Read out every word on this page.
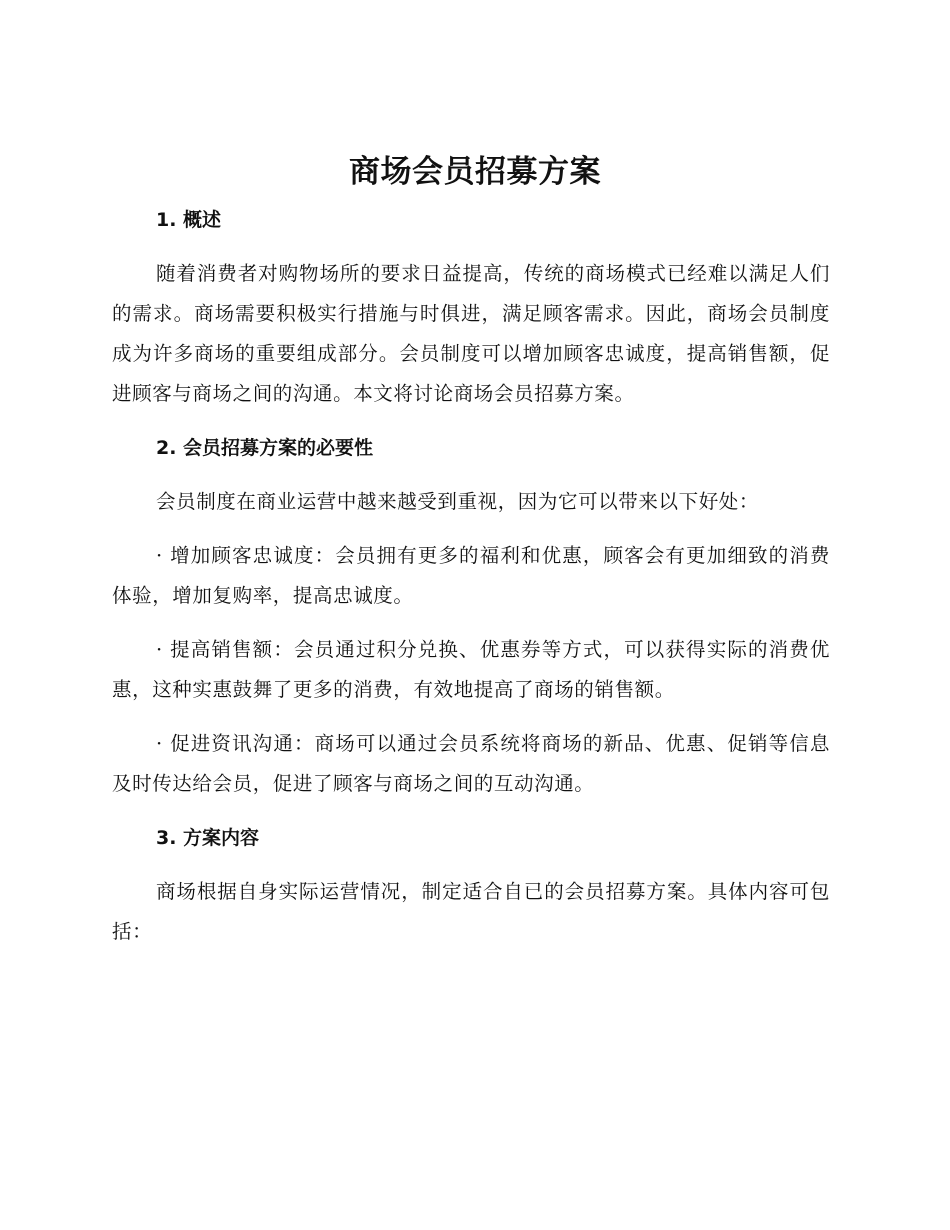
商场会员招募方案
1. 概述

随着消费者对购物场所的要求日益提高，传统的商场模式已经难以满足人们的需求。商场需要积极实行措施与时俱进，满足顾客需求。因此，商场会员制度成为许多商场的重要组成部分。会员制度可以增加顾客忠诚度，提高销售额，促进顾客与商场之间的沟通。本文将讨论商场会员招募方案。

2. 会员招募方案的必要性

会员制度在商业运营中越来越受到重视，因为它可以带来以下好处：

· 增加顾客忠诚度：会员拥有更多的福利和优惠，顾客会有更加细致的消费体验，增加复购率，提高忠诚度。

· 提高销售额：会员通过积分兑换、优惠券等方式，可以获得实际的消费优惠，这种实惠鼓舞了更多的消费，有效地提高了商场的销售额。

· 促进资讯沟通：商场可以通过会员系统将商场的新品、优惠、促销等信息及时传达给会员，促进了顾客与商场之间的互动沟通。

3. 方案内容

商场根据自身实际运营情况，制定适合自已的会员招募方案。具体内容可包括：
